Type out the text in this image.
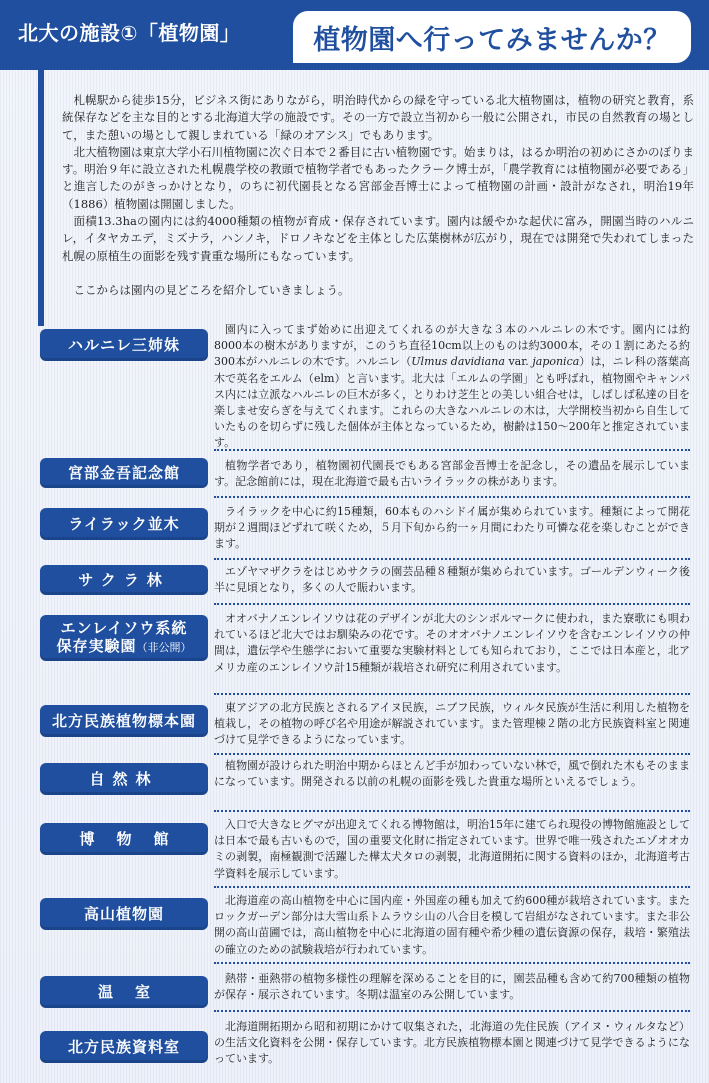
北大の施設①「植物園」	植物園へ行ってみませんか？

札幌駅から徒歩15分，ビジネス街にありながら，明治時代からの緑を守っている北大植物園は，植物の研究と教育，系統保存などを主な目的とする北海道大学の施設です。その一方で設立当初から一般に公開され，市民の自然教育の場として，また憩いの場として親しまれている「緑のオアシス」でもあります。

北大植物園は東京大学小石川植物園に次ぐ日本で２番目に古い植物園です。始まりは，はるか明治の初めにさかのぼります。明治９年に設立された札幌農学校の教頭で植物学者でもあったクラーク博士が，「農学教育には植物園が必要である」と進言したのがきっかけとなり，のちに初代園長となる宮部金吾博士によって植物園の計画・設計がなされ，明治19年（1886）植物園は開園しました。

面積13.3haの園内には約4000種類の植物が育成・保存されています。園内は緩やかな起伏に富み，開園当時のハルニレ，イタヤカエデ，ミズナラ，ハンノキ，ドロノキなどを主体とした広葉樹林が広がり，現在では開発で失われてしまった札幌の原植生の面影を残す貴重な場所にもなっています。

ここからは園内の見どころを紹介していきましょう。

ハルニレ三姉妹

園内に入ってまず始めに出迎えてくれるのが大きな３本のハルニレの木です。園内には約8000本の樹木がありますが，このうち直径10cm以上のものは約3000本，その１割にあたる約300本がハルニレの木です。ハルニレ（Ulmus davidiana var. japonica）は，ニレ科の落葉高木で英名をエルム（elm）と言います。北大は「エルムの学園」とも呼ばれ，植物園やキャンパス内には立派なハルニレの巨木が多く，とりわけ芝生との美しい組合せは，しばしば私達の目を楽しませ安らぎを与えてくれます。これらの大きなハルニレの木は，大学開校当初から自生していたものを切らずに残した個体が主体となっているため，樹齢は150～200年と推定されています。

宮部金吾記念館	植物学者であり，植物園初代園長でもある宮部金吾博士を記念し，その遺品を展示しています。記念館前には，現在北海道で最も古いライラックの株があります。

ライラック並木

ライラックを中心に約15種類，60本ものハシドイ属が集められています。種類によって開花期が２週間ほどずれて咲くため，５月下旬から約一ヶ月間にわたり可憐な花を楽しむことができます。

サクラ林	エゾヤマザクラをはじめサクラの園芸品種８種類が集められています。ゴールデンウィーク後半に見頃となり，多くの人で賑わいます。

エンレイソウ系統
保存実験園（非公開）

オオバナノエンレイソウは花のデザインが北大のシンボルマークに使われ，また寮歌にも唄われているほど北大ではお馴染みの花です。そのオオバナノエンレイソウを含むエンレイソウの仲間は，遺伝学や生態学において重要な実験材料としても知られており，ここでは日本産と，北アメリカ産のエンレイソウ計15種類が栽培され研究に利用されています。

北方民族植物標本園

東アジアの北方民族とされるアイヌ民族，ニブフ民族，ウィルタ民族が生活に利用した植物を植栽し，その植物の呼び名や用途が解説されています。また管理棟２階の北方民族資料室と関連づけて見学できるようになっています。

自然林

植物園が設けられた明治中期からほとんど手が加わっていない林で，風で倒れた木もそのままになっています。開発される以前の札幌の面影を残した貴重な場所といえるでしょう。

博物館

入口で大きなヒグマが出迎えてくれる博物館は，明治15年に建てられ現役の博物館施設としては日本で最も古いもので，国の重要文化財に指定されています。世界で唯一残されたエゾオオカミの剥製，南極観測で活躍した樺太犬タロの剥製，北海道開拓に関する資料のほか，北海道考古学資料を展示しています。

高山植物園

北海道産の高山植物を中心に国内産・外国産の種も加えて約600種が栽培されています。またロックガーデン部分は大雪山系トムラウシ山の八合目を模して岩組がなされています。また非公開の高山苗圃では，高山植物を中心に北海道の固有種や希少種の遺伝資源の保存，栽培・繁殖法の確立のための試験栽培が行われています。

温室

熱帯・亜熱帯の植物多様性の理解を深めることを目的に，園芸品種も含めて約700種類の植物が保存・展示されています。冬期は温室のみ公開しています。

北方民族資料室

北海道開拓期から昭和初期にかけて収集された，北海道の先住民族（アイヌ・ウィルタなど）の生活文化資料を公開・保存しています。北方民族植物標本園と関連づけて見学できるようになっています。
